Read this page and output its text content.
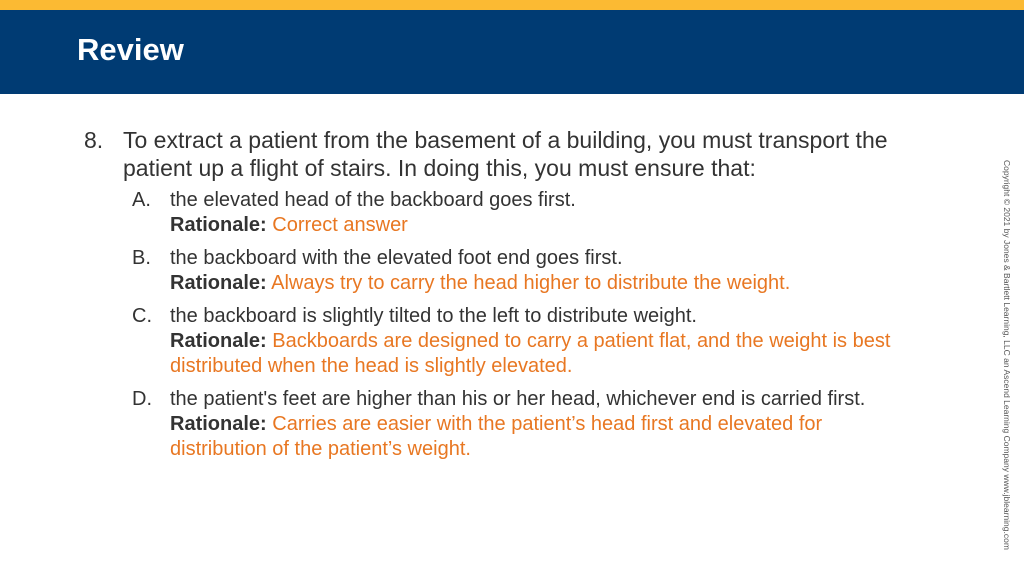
Review
8. To extract a patient from the basement of a building, you must transport the patient up a flight of stairs. In doing this, you must ensure that:
A. the elevated head of the backboard goes first.
Rationale: Correct answer
B. the backboard with the elevated foot end goes first.
Rationale: Always try to carry the head higher to distribute the weight.
C. the backboard is slightly tilted to the left to distribute weight.
Rationale: Backboards are designed to carry a patient flat, and the weight is best distributed when the head is slightly elevated.
D. the patient's feet are higher than his or her head, whichever end is carried first.
Rationale: Carries are easier with the patient’s head first and elevated for distribution of the patient’s weight.	Copyright © 2021 by Jones & Bartlett Learning, LLC an Ascend Learning Company www.jblearning.com
